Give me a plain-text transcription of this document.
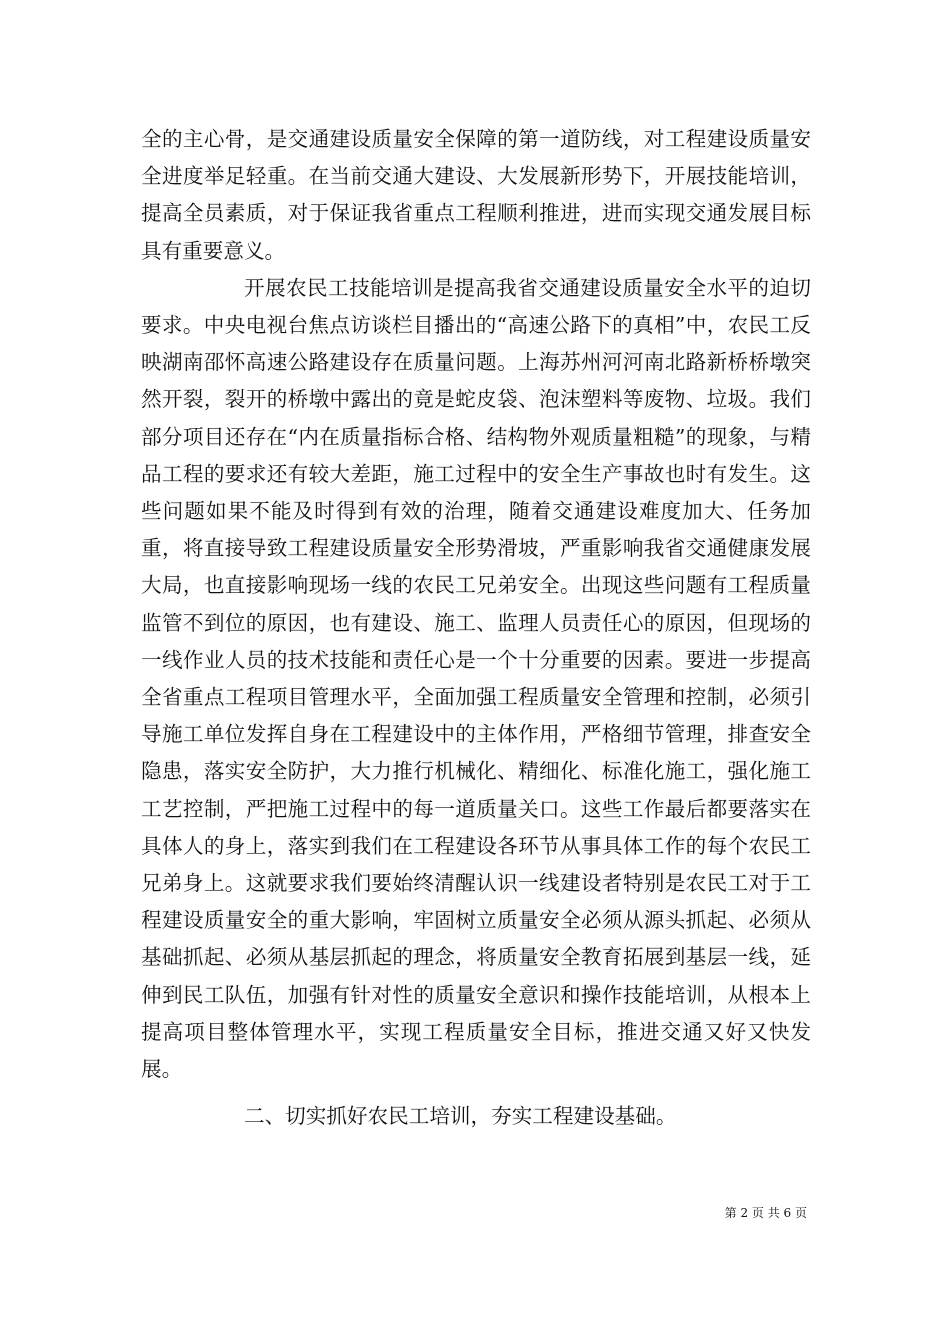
全的主心骨，是交通建设质量安全保障的第一道防线，对工程建设质量安全进度举足轻重。在当前交通大建设、大发展新形势下，开展技能培训，提高全员素质，对于保证我省重点工程顺利推进，进而实现交通发展目标具有重要意义。

开展农民工技能培训是提高我省交通建设质量安全水平的迫切要求。中央电视台焦点访谈栏目播出的“高速公路下的真相”中，农民工反映湖南邵怀高速公路建设存在质量问题。上海苏州河河南北路新桥桥墩突然开裂，裂开的桥墩中露出的竟是蛇皮袋、泡沫塑料等废物、垃圾。我们部分项目还存在“内在质量指标合格、结构物外观质量粗糙”的现象，与精品工程的要求还有较大差距，施工过程中的安全生产事故也时有发生。这些问题如果不能及时得到有效的治理，随着交通建设难度加大、任务加重，将直接导致工程建设质量安全形势滑坡，严重影响我省交通健康发展大局，也直接影响现场一线的农民工兄弟安全。出现这些问题有工程质量监管不到位的原因，也有建设、施工、监理人员责任心的原因，但现场的一线作业人员的技术技能和责任心是一个十分重要的因素。要进一步提高全省重点工程项目管理水平，全面加强工程质量安全管理和控制，必须引导施工单位发挥自身在工程建设中的主体作用，严格细节管理，排查安全隐患，落实安全防护，大力推行机械化、精细化、标准化施工，强化施工工艺控制，严把施工过程中的每一道质量关口。这些工作最后都要落实在具体人的身上，落实到我们在工程建设各环节从事具体工作的每个农民工兄弟身上。这就要求我们要始终清醒认识一线建设者特别是农民工对于工程建设质量安全的重大影响，牢固树立质量安全必须从源头抓起、必须从基础抓起、必须从基层抓起的理念，将质量安全教育拓展到基层一线，延伸到民工队伍，加强有针对性的质量安全意识和操作技能培训，从根本上提高项目整体管理水平，实现工程质量安全目标，推进交通又好又快发展。

二、切实抓好农民工培训，夯实工程建设基础。

第 2 页 共 6 页
